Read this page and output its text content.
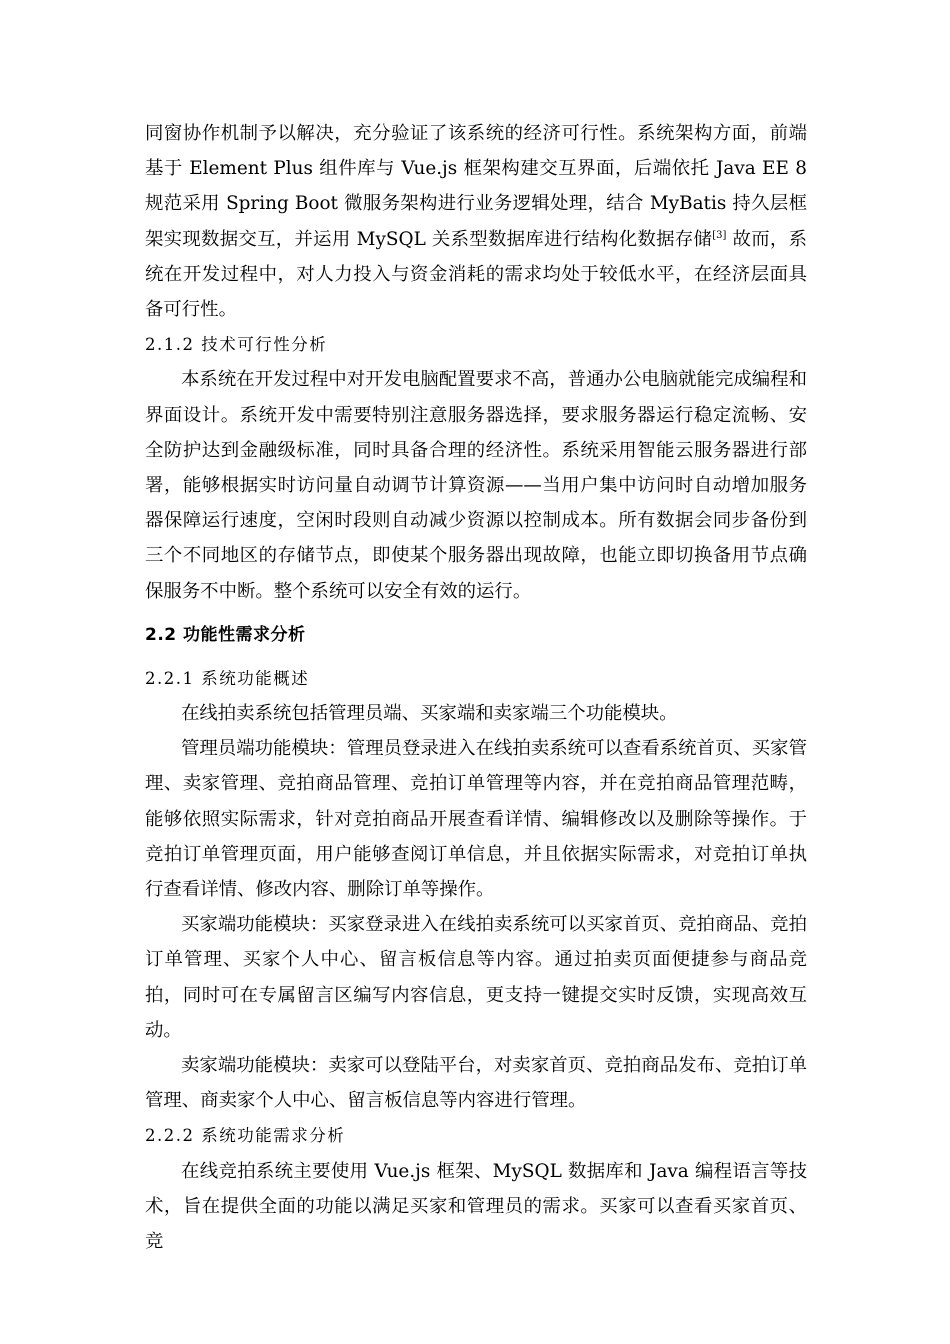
同窗协作机制予以解决，充分验证了该系统的经济可行性。系统架构方面，前端基于 Element Plus 组件库与 Vue.js 框架构建交互界面，后端依托 Java EE 8 规范采用 Spring Boot 微服务架构进行业务逻辑处理，结合 MyBatis 持久层框架实现数据交互，并运用 MySQL 关系型数据库进行结构化数据存储[3] 故而，系统在开发过程中，对人力投入与资金消耗的需求均处于较低水平，在经济层面具备可行性。

2.1.2 技术可行性分析

本系统在开发过程中对开发电脑配置要求不高，普通办公电脑就能完成编程和界面设计。系统开发中需要特别注意服务器选择，要求服务器运行稳定流畅、安全防护达到金融级标准，同时具备合理的经济性。系统采用智能云服务器进行部署，能够根据实时访问量自动调节计算资源——当用户集中访问时自动增加服务器保障运行速度，空闲时段则自动减少资源以控制成本。所有数据会同步备份到三个不同地区的存储节点，即使某个服务器出现故障，也能立即切换备用节点确保服务不中断。整个系统可以安全有效的运行。

2.2 功能性需求分析
2.2.1 系统功能概述

在线拍卖系统包括管理员端、买家端和卖家端三个功能模块。

管理员端功能模块：管理员登录进入在线拍卖系统可以查看系统首页、买家管理、卖家管理、竞拍商品管理、竞拍订单管理等内容，并在竞拍商品管理范畴，能够依照实际需求，针对竞拍商品开展查看详情、编辑修改以及删除等操作。于竞拍订单管理页面，用户能够查阅订单信息，并且依据实际需求，对竞拍订单执行查看详情、修改内容、删除订单等操作。

买家端功能模块：买家登录进入在线拍卖系统可以买家首页、竞拍商品、竞拍订单管理、买家个人中心、留言板信息等内容。通过拍卖页面便捷参与商品竞拍，同时可在专属留言区编写内容信息，更支持一键提交实时反馈，实现高效互动。

卖家端功能模块：卖家可以登陆平台，对卖家首页、竞拍商品发布、竞拍订单管理、商卖家个人中心、留言板信息等内容进行管理。

2.2.2 系统功能需求分析

在线竞拍系统主要使用 Vue.js 框架、MySQL 数据库和 Java 编程语言等技术，旨在提供全面的功能以满足买家和管理员的需求。买家可以查看买家首页、竞
